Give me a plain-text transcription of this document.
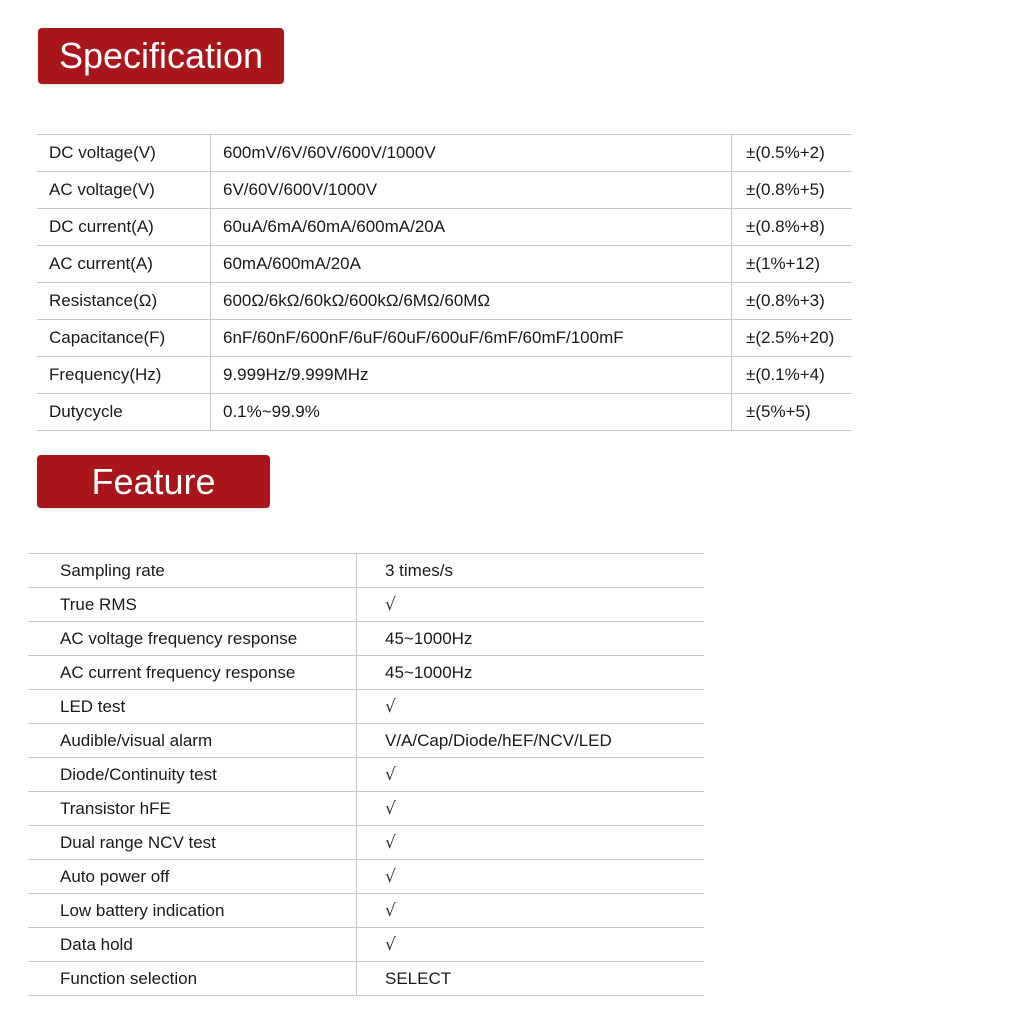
Specification
DC voltage(V)	600mV/6V/60V/600V/1000V	±(0.5%+2)
AC voltage(V)	6V/60V/600V/1000V	±(0.8%+5)
DC current(A)	60uA/6mA/60mA/600mA/20A	±(0.8%+8)
AC current(A)	60mA/600mA/20A	±(1%+12)
Resistance(Ω)	600Ω/6kΩ/60kΩ/600kΩ/6MΩ/60MΩ	±(0.8%+3)
Capacitance(F)	6nF/60nF/600nF/6uF/60uF/600uF/6mF/60mF/100mF	±(2.5%+20)
Frequency(Hz)	9.999Hz/9.999MHz	±(0.1%+4)
Dutycycle	0.1%~99.9%	±(5%+5)
Feature
Sampling rate	3 times/s
True RMS	√
AC voltage frequency response	45~1000Hz
AC current frequency response	45~1000Hz
LED test	√
Audible/visual alarm	V/A/Cap/Diode/hEF/NCV/LED
Diode/Continuity test	√
Transistor hFE	√
Dual range NCV test	√
Auto power off	√
Low battery indication	√
Data hold	√
Function selection	SELECT
